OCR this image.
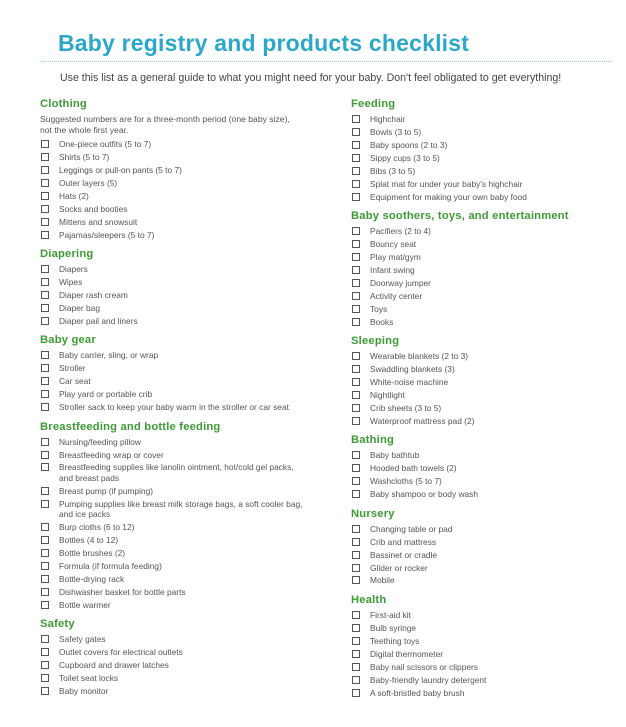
Baby registry and products checklist
Use this list as a general guide to what you might need for your baby. Don't feel obligated to get everything!
Clothing
Suggested numbers are for a three-month period (one baby size), not the whole first year.
One-piece outfits (5 to 7)
Shirts (5 to 7)
Leggings or pull-on pants (5 to 7)
Outer layers (5)
Hats (2)
Socks and booties
Mittens and snowsuit
Pajamas/sleepers (5 to 7)
Diapering
Diapers
Wipes
Diaper rash cream
Diaper bag
Diaper pail and liners
Baby gear
Baby carrier, sling, or wrap
Stroller
Car seat
Play yard or portable crib
Stroller sack to keep your baby warm in the stroller or car seat
Breastfeeding and bottle feeding
Nursing/feeding pillow
Breastfeeding wrap or cover
Breastfeeding supplies like lanolin ointment, hot/cold gel packs, and breast pads
Breast pump (if pumping)
Pumping supplies like breast milk storage bags, a soft cooler bag, and ice packs
Burp cloths (6 to 12)
Bottles (4 to 12)
Bottle brushes (2)
Formula (if formula feeding)
Bottle-drying rack
Dishwasher basket for bottle parts
Bottle warmer
Safety
Safety gates
Outlet covers for electrical outlets
Cupboard and drawer latches
Toilet seat locks
Baby monitor
Feeding
Highchair
Bowls (3 to 5)
Baby spoons (2 to 3)
Sippy cups (3 to 5)
Bibs (3 to 5)
Splat mat for under your baby's highchair
Equipment for making your own baby food
Baby soothers, toys, and entertainment
Pacifiers (2 to 4)
Bouncy seat
Play mat/gym
Infant swing
Doorway jumper
Activity center
Toys
Books
Sleeping
Wearable blankets (2 to 3)
Swaddling blankets (3)
White-noise machine
Nightlight
Crib sheets (3 to 5)
Waterproof mattress pad (2)
Bathing
Baby bathtub
Hooded bath towels (2)
Washcloths (5 to 7)
Baby shampoo or body wash
Nursery
Changing table or pad
Crib and mattress
Bassinet or cradle
Glider or rocker
Mobile
Health
First-aid kit
Bulb syringe
Teething toys
Digital thermometer
Baby nail scissors or clippers
Baby-friendly laundry detergent
A soft-bristled baby brush
